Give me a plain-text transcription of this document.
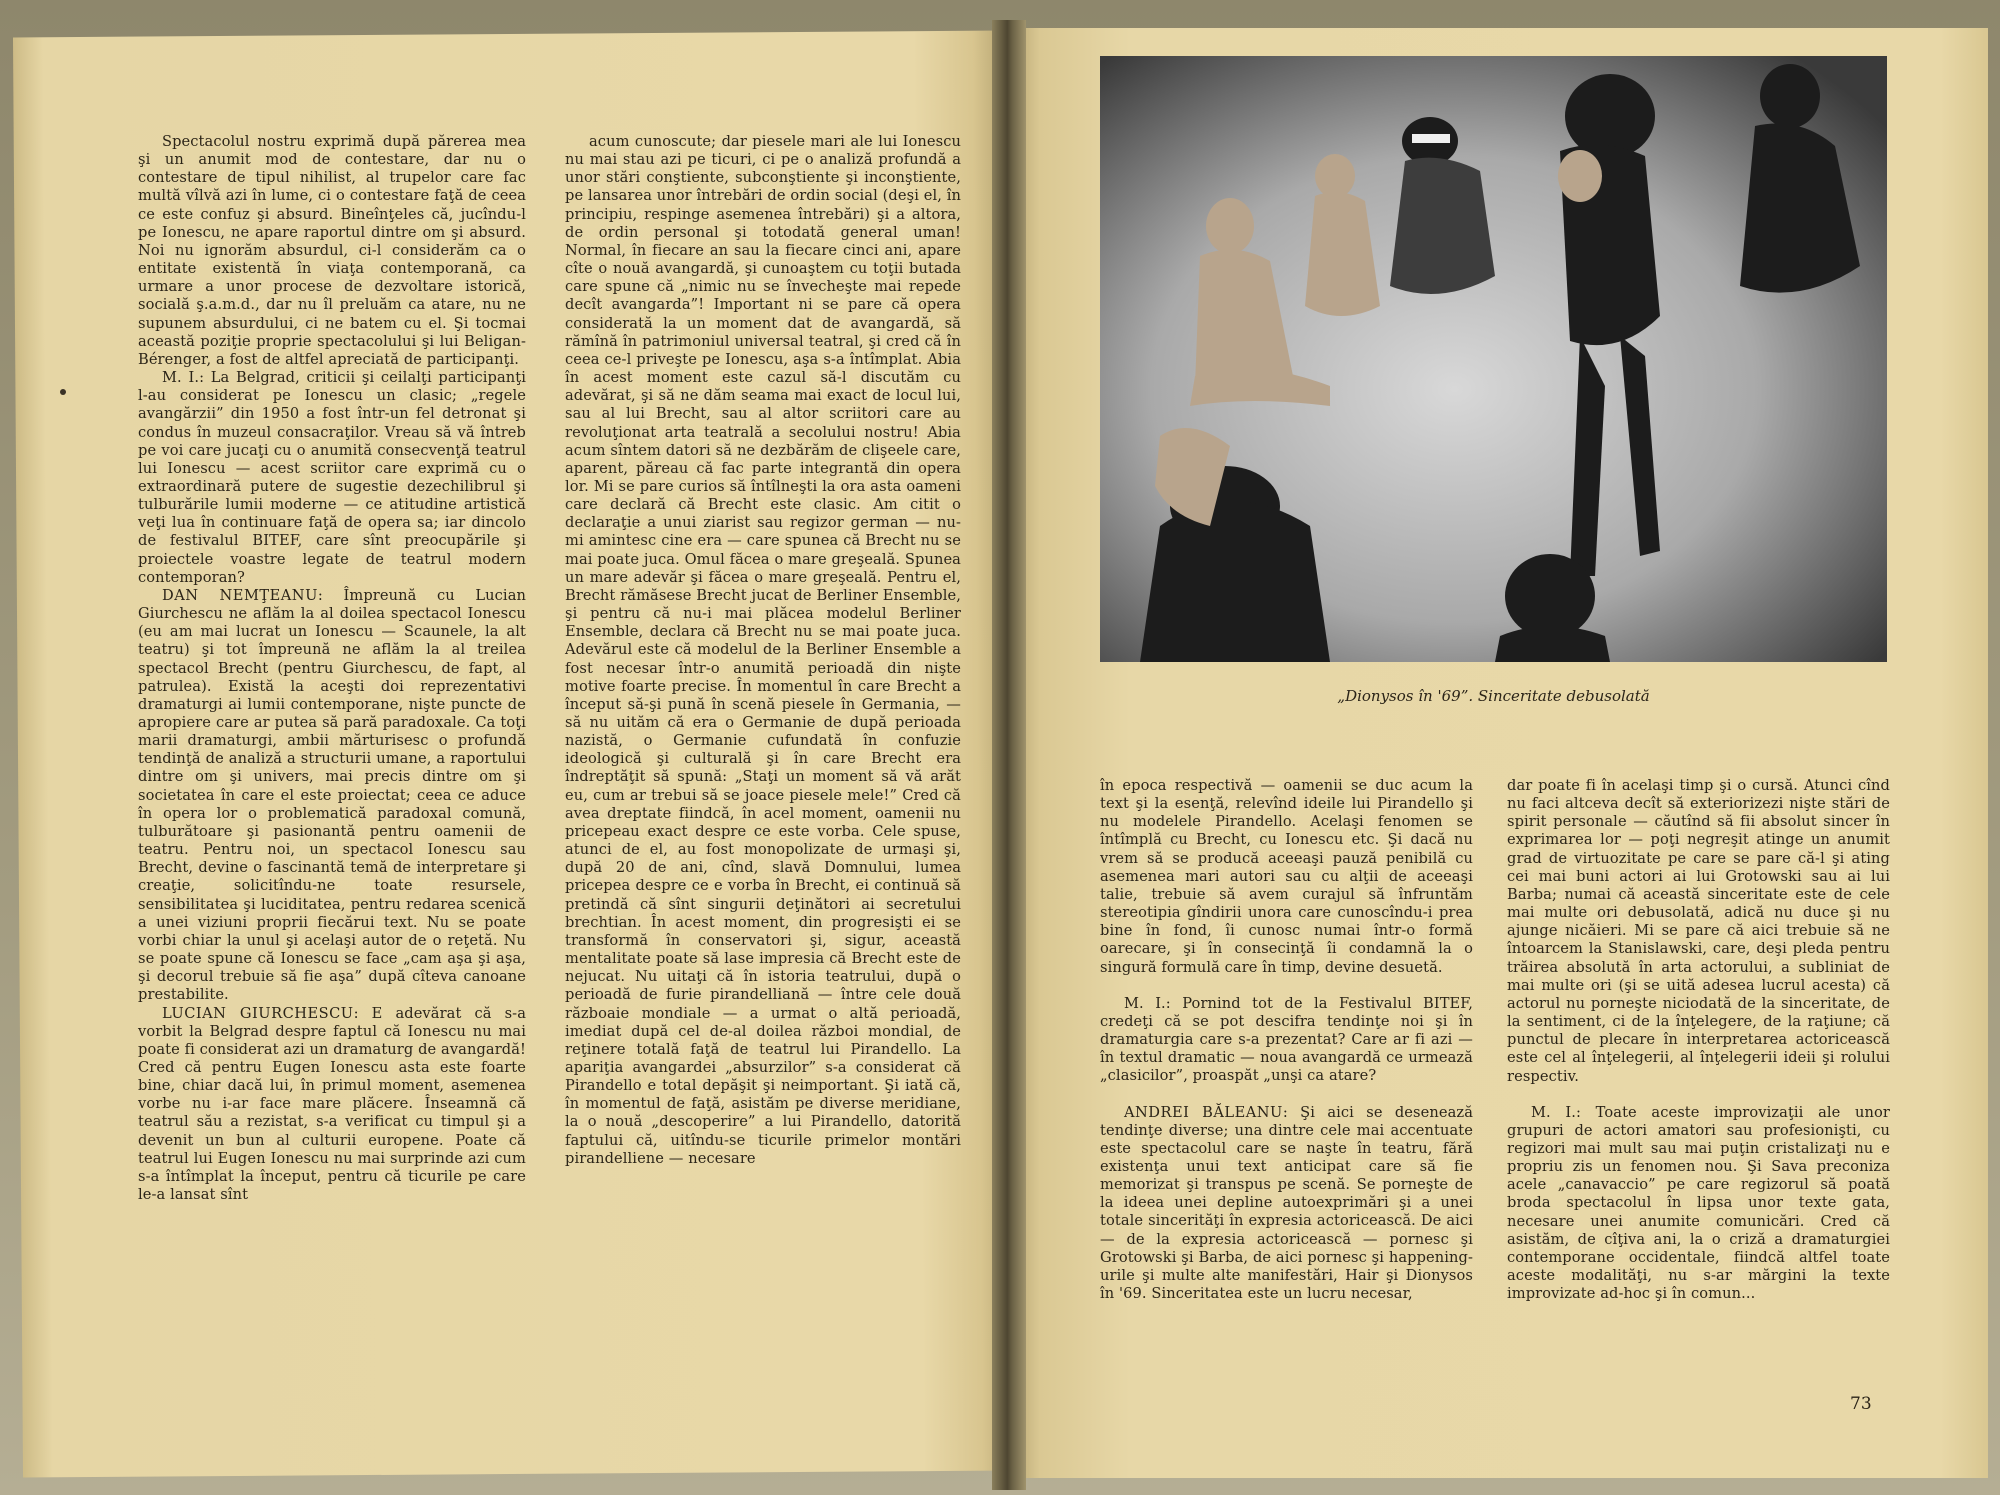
Spectacolul nostru exprimă după părerea mea şi un anumit mod de contestare, dar nu o contestare de tipul nihilist, al trupelor care fac multă vîlvă azi în lume, ci o contestare faţă de ceea ce este confuz şi absurd. Bineînţeles că, jucîndu-l pe Ionescu, ne apare raportul dintre om şi absurd. Noi nu ignorăm absurdul, ci-l considerăm ca o entitate existentă în viaţa contemporană, ca urmare a unor procese de dezvoltare istorică, socială ş.a.m.d., dar nu îl preluăm ca atare, nu ne supunem absurdului, ci ne batem cu el. Şi tocmai această poziţie proprie spectacolului şi lui Beligan-Bérenger, a fost de altfel apreciată de participanţi.

M. I.: La Belgrad, criticii şi ceilalţi participanţi l-au considerat pe Ionescu un clasic; „regele avangărzii” din 1950 a fost într-un fel detronat şi condus în muzeul consacraţilor. Vreau să vă întreb pe voi care jucaţi cu o anumită consecvenţă teatrul lui Ionescu — acest scriitor care exprimă cu o extraordinară putere de sugestie dezechilibrul şi tulburările lumii moderne — ce atitudine artistică veţi lua în continuare faţă de opera sa; iar dincolo de festivalul BITEF, care sînt preocupările şi proiectele voastre legate de teatrul modern contemporan?

DAN NEMŢEANU: Împreună cu Lucian Giurchescu ne aflăm la al doilea spectacol Ionescu (eu am mai lucrat un Ionescu — Scaunele, la alt teatru) şi tot împreună ne aflăm la al treilea spectacol Brecht (pentru Giurchescu, de fapt, al patrulea). Există la aceşti doi reprezentativi dramaturgi ai lumii contemporane, nişte puncte de apropiere care ar putea să pară paradoxale. Ca toţi marii dramaturgi, ambii mărturisesc o profundă tendinţă de analiză a structurii umane, a raportului dintre om şi univers, mai precis dintre om şi societatea în care el este proiectat; ceea ce aduce în opera lor o problematică paradoxal comună, tulburătoare şi pasionantă pentru oamenii de teatru. Pentru noi, un spectacol Ionescu sau Brecht, devine o fascinantă temă de interpretare şi creaţie, solicitîndu-ne toate resursele, sensibilitatea şi luciditatea, pentru redarea scenică a unei viziuni proprii fiecărui text. Nu se poate vorbi chiar la unul şi acelaşi autor de o reţetă. Nu se poate spune că Ionescu se face „cam aşa şi aşa, şi decorul trebuie să fie aşa” după cîteva canoane prestabilite.

LUCIAN GIURCHESCU: E adevărat că s-a vorbit la Belgrad despre faptul că Ionescu nu mai poate fi considerat azi un dramaturg de avangardă! Cred că pentru Eugen Ionescu asta este foarte bine, chiar dacă lui, în primul moment, asemenea vorbe nu i-ar face mare plăcere. Înseamnă că teatrul său a rezistat, s-a verificat cu timpul şi a devenit un bun al culturii europene. Poate că teatrul lui Eugen Ionescu nu mai surprinde azi cum s-a întîmplat la început, pentru că ticurile pe care le-a lansat sînt

acum cunoscute; dar piesele mari ale lui Ionescu nu mai stau azi pe ticuri, ci pe o analiză profundă a unor stări conştiente, subconştiente şi inconştiente, pe lansarea unor întrebări de ordin social (deşi el, în principiu, respinge asemenea întrebări) şi a altora, de ordin personal şi totodată general uman! Normal, în fiecare an sau la fiecare cinci ani, apare cîte o nouă avangardă, şi cunoaştem cu toţii butada care spune că „nimic nu se învecheşte mai repede decît avangarda”! Important ni se pare că opera considerată la un moment dat de avangardă, să rămînă în patrimoniul universal teatral, şi cred că în ceea ce-l priveşte pe Ionescu, aşa s-a întîmplat. Abia în acest moment este cazul să-l discutăm cu adevărat, şi să ne dăm seama mai exact de locul lui, sau al lui Brecht, sau al altor scriitori care au revoluţionat arta teatrală a secolului nostru! Abia acum sîntem datori să ne dezbărăm de clişeele care, aparent, păreau că fac parte integrantă din opera lor. Mi se pare curios să întîlneşti la ora asta oameni care declară că Brecht este clasic. Am citit o declaraţie a unui ziarist sau regizor german — nu-mi amintesc cine era — care spunea că Brecht nu se mai poate juca. Omul făcea o mare greşeală. Spunea un mare adevăr şi făcea o mare greşeală. Pentru el, Brecht rămăsese Brecht jucat de Berliner Ensemble, şi pentru că nu-i mai plăcea modelul Berliner Ensemble, declara că Brecht nu se mai poate juca. Adevărul este că modelul de la Berliner Ensemble a fost necesar într-o anumită perioadă din nişte motive foarte precise. În momentul în care Brecht a început să-şi pună în scenă piesele în Germania, — să nu uităm că era o Germanie de după perioada nazistă, o Germanie cufundată în confuzie ideologică şi culturală şi în care Brecht era îndreptăţit să spună: „Staţi un moment să vă arăt eu, cum ar trebui să se joace piesele mele!” Cred că avea dreptate fiindcă, în acel moment, oamenii nu pricepeau exact despre ce este vorba. Cele spuse, atunci de el, au fost monopolizate de urmaşi şi, după 20 de ani, cînd, slavă Domnului, lumea pricepea despre ce e vorba în Brecht, ei continuă să pretindă că sînt singurii deţinători ai secretului brechtian. În acest moment, din progresişti ei se transformă în conservatori şi, sigur, această mentalitate poate să lase impresia că Brecht este de nejucat. Nu uitaţi că în istoria teatrului, după o perioadă de furie pirandelliană — între cele două războaie mondiale — a urmat o altă perioadă, imediat după cel de-al doilea război mondial, de reţinere totală faţă de teatrul lui Pirandello. La apariţia avangardei „absurzilor” s-a considerat că Pirandello e total depăşit şi neimportant. Şi iată că, în momentul de faţă, asistăm pe diverse meridiane, la o nouă „descoperire” a lui Pirandello, datorită faptului că, uitîndu-se ticurile primelor montări pirandelliene — necesare

„Dionysos în '69”. Sinceritate debusolată

în epoca respectivă — oamenii se duc acum la text şi la esenţă, relevînd ideile lui Pirandello şi nu modelele Pirandello. Acelaşi fenomen se întîmplă cu Brecht, cu Ionescu etc. Şi dacă nu vrem să se producă aceeaşi pauză penibilă cu asemenea mari autori sau cu alţii de aceeaşi talie, trebuie să avem curajul să înfruntăm stereotipia gîndirii unora care cunoscîndu-i prea bine în fond, îi cunosc numai într-o formă oarecare, şi în consecinţă îi condamnă la o singură formulă care în timp, devine desuetă.

M. I.: Pornind tot de la Festivalul BITEF, credeţi că se pot descifra tendinţe noi şi în dramaturgia care s-a prezentat? Care ar fi azi — în textul dramatic — noua avangardă ce urmează „clasicilor”, proaspăt „unşi ca atare?

ANDREI BĂLEANU: Şi aici se desenează tendinţe diverse; una dintre cele mai accentuate este spectacolul care se naşte în teatru, fără existenţa unui text anticipat care să fie memorizat şi transpus pe scenă. Se porneşte de la ideea unei depline autoexprimări şi a unei totale sincerităţi în expresia actoricească. De aici — de la expresia actoricească — pornesc şi Grotowski şi Barba, de aici pornesc şi happening-urile şi multe alte manifestări, Hair şi Dionysos în '69. Sinceritatea este un lucru necesar,

dar poate fi în acelaşi timp şi o cursă. Atunci cînd nu faci altceva decît să exteriorizezi nişte stări de spirit personale — căutînd să fii absolut sincer în exprimarea lor — poţi negreşit atinge un anumit grad de virtuozitate pe care se pare că-l şi ating cei mai buni actori ai lui Grotowski sau ai lui Barba; numai că această sinceritate este de cele mai multe ori debusolată, adică nu duce şi nu ajunge nicăieri. Mi se pare că aici trebuie să ne întoarcem la Stanislawski, care, deşi pleda pentru trăirea absolută în arta actorului, a subliniat de mai multe ori (şi se uită adesea lucrul acesta) că actorul nu porneşte niciodată de la sinceritate, de la sentiment, ci de la înţelegere, de la raţiune; că punctul de plecare în interpretarea actoricească este cel al înţelegerii, al înţelegerii ideii şi rolului respectiv.

M. I.: Toate aceste improvizaţii ale unor grupuri de actori amatori sau profesionişti, cu regizori mai mult sau mai puţin cristalizaţi nu e propriu zis un fenomen nou. Şi Sava preconiza acele „canavaccio” pe care regizorul să poată broda spectacolul în lipsa unor texte gata, necesare unei anumite comunicări. Cred că asistăm, de cîţiva ani, la o criză a dramaturgiei contemporane occidentale, fiindcă altfel toate aceste modalităţi, nu s-ar mărgini la texte improvizate ad-hoc şi în comun...

73
